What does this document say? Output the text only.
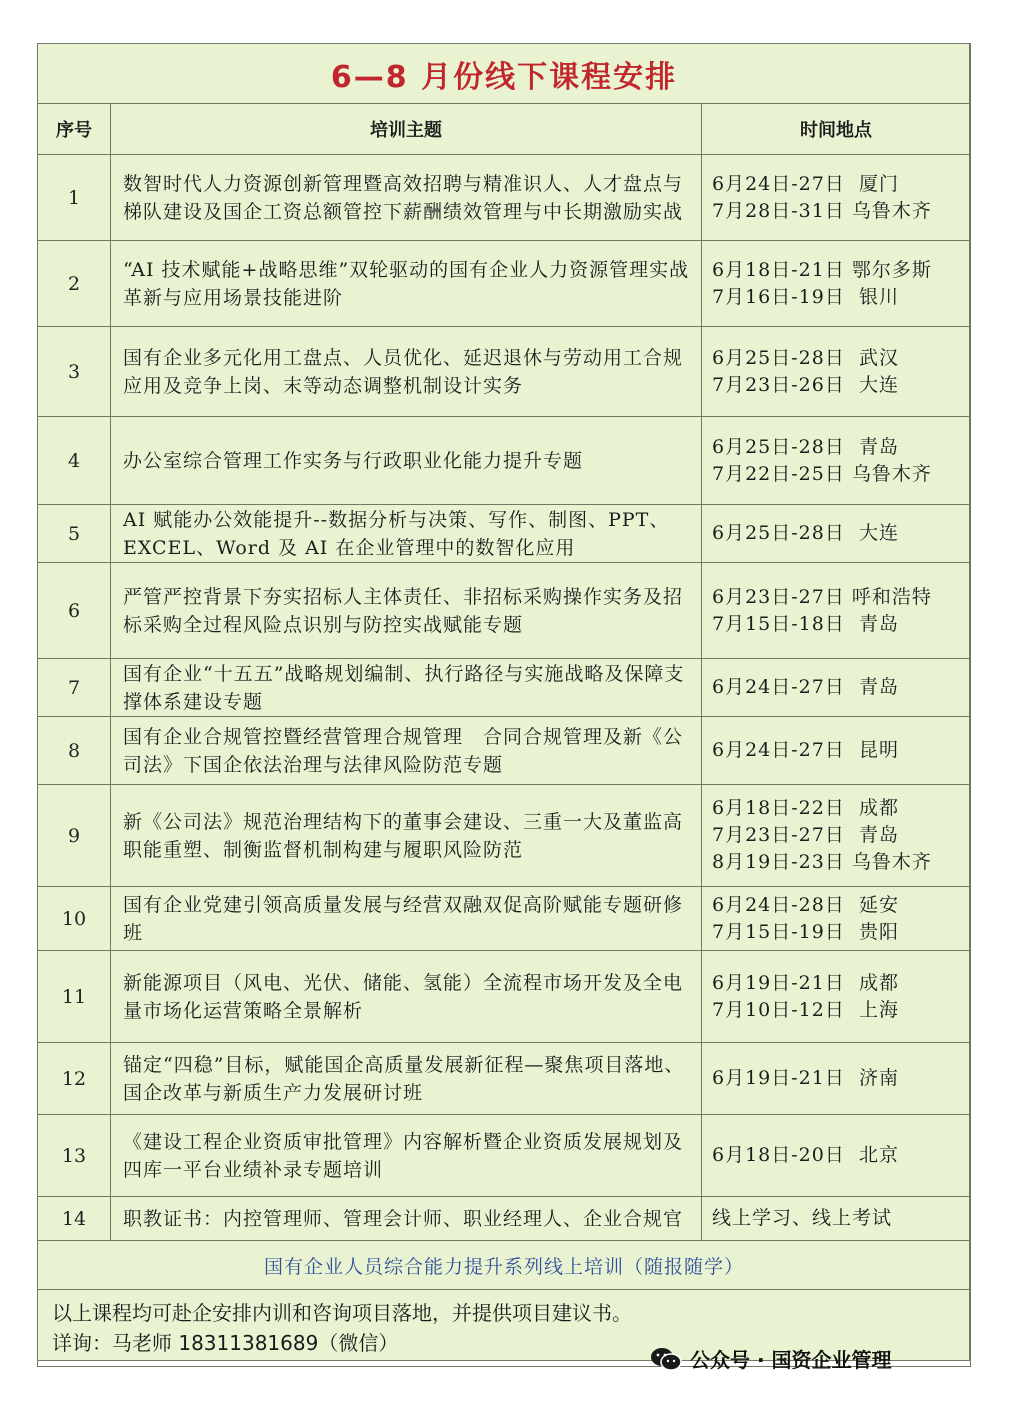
6—8 月份线下课程安排		
序号	培训主题	时间地点
1	数智时代人力资源创新管理暨高效招聘与精准识人、人才盘点与梯队建设及国企工资总额管控下薪酬绩效管理与中长期激励实战	6月24日-27日  厦门
7月28日-31日 乌鲁木齐

2	“AI 技术赋能+战略思维”双轮驱动的国有企业人力资源管理实战革新与应用场景技能进阶	6月18日-21日 鄂尔多斯
7月16日-19日  银川

3	国有企业多元化用工盘点、人员优化、延迟退休与劳动用工合规应用及竞争上岗、末等动态调整机制设计实务	6月25日-28日  武汉
7月23日-26日  大连

4	办公室综合管理工作实务与行政职业化能力提升专题	6月25日-28日  青岛
7月22日-25日 乌鲁木齐

5	AI 赋能办公效能提升--数据分析与决策、写作、制图、PPT、EXCEL、Word 及 AI 在企业管理中的数智化应用	6月25日-28日  大连

6	严管严控背景下夯实招标人主体责任、非招标采购操作实务及招标采购全过程风险点识别与防控实战赋能专题	6月23日-27日 呼和浩特
7月15日-18日  青岛

7	国有企业“十五五”战略规划编制、执行路径与实施战略及保障支撑体系建设专题	6月24日-27日  青岛

8	国有企业合规管控暨经营管理合规管理　合同合规管理及新《公司法》下国企依法治理与法律风险防范专题	6月24日-27日  昆明

9	新《公司法》规范治理结构下的董事会建设、三重一大及董监高职能重塑、制衡监督机制构建与履职风险防范	6月18日-22日  成都
7月23日-27日  青岛
8月19日-23日 乌鲁木齐

10	国有企业党建引领高质量发展与经营双融双促高阶赋能专题研修班	6月24日-28日  延安
7月15日-19日  贵阳

11	新能源项目（风电、光伏、储能、氢能）全流程市场开发及全电量市场化运营策略全景解析	6月19日-21日  成都
7月10日-12日  上海

12	锚定“四稳”目标，赋能国企高质量发展新征程—聚焦项目落地、国企改革与新质生产力发展研讨班	6月19日-21日  济南

13	《建设工程企业资质审批管理》内容解析暨企业资质发展规划及四库一平台业绩补录专题培训	6月18日-20日  北京

14	职教证书：内控管理师、管理会计师、职业经理人、企业合规官	线上学习、线上考试

国有企业人员综合能力提升系列线上培训（随报随学）		

以上课程均可赴企安排内训和咨询项目落地，并提供项目建议书。
详询：马老师 18311381689（微信）		
公众号 · 国资企业管理
